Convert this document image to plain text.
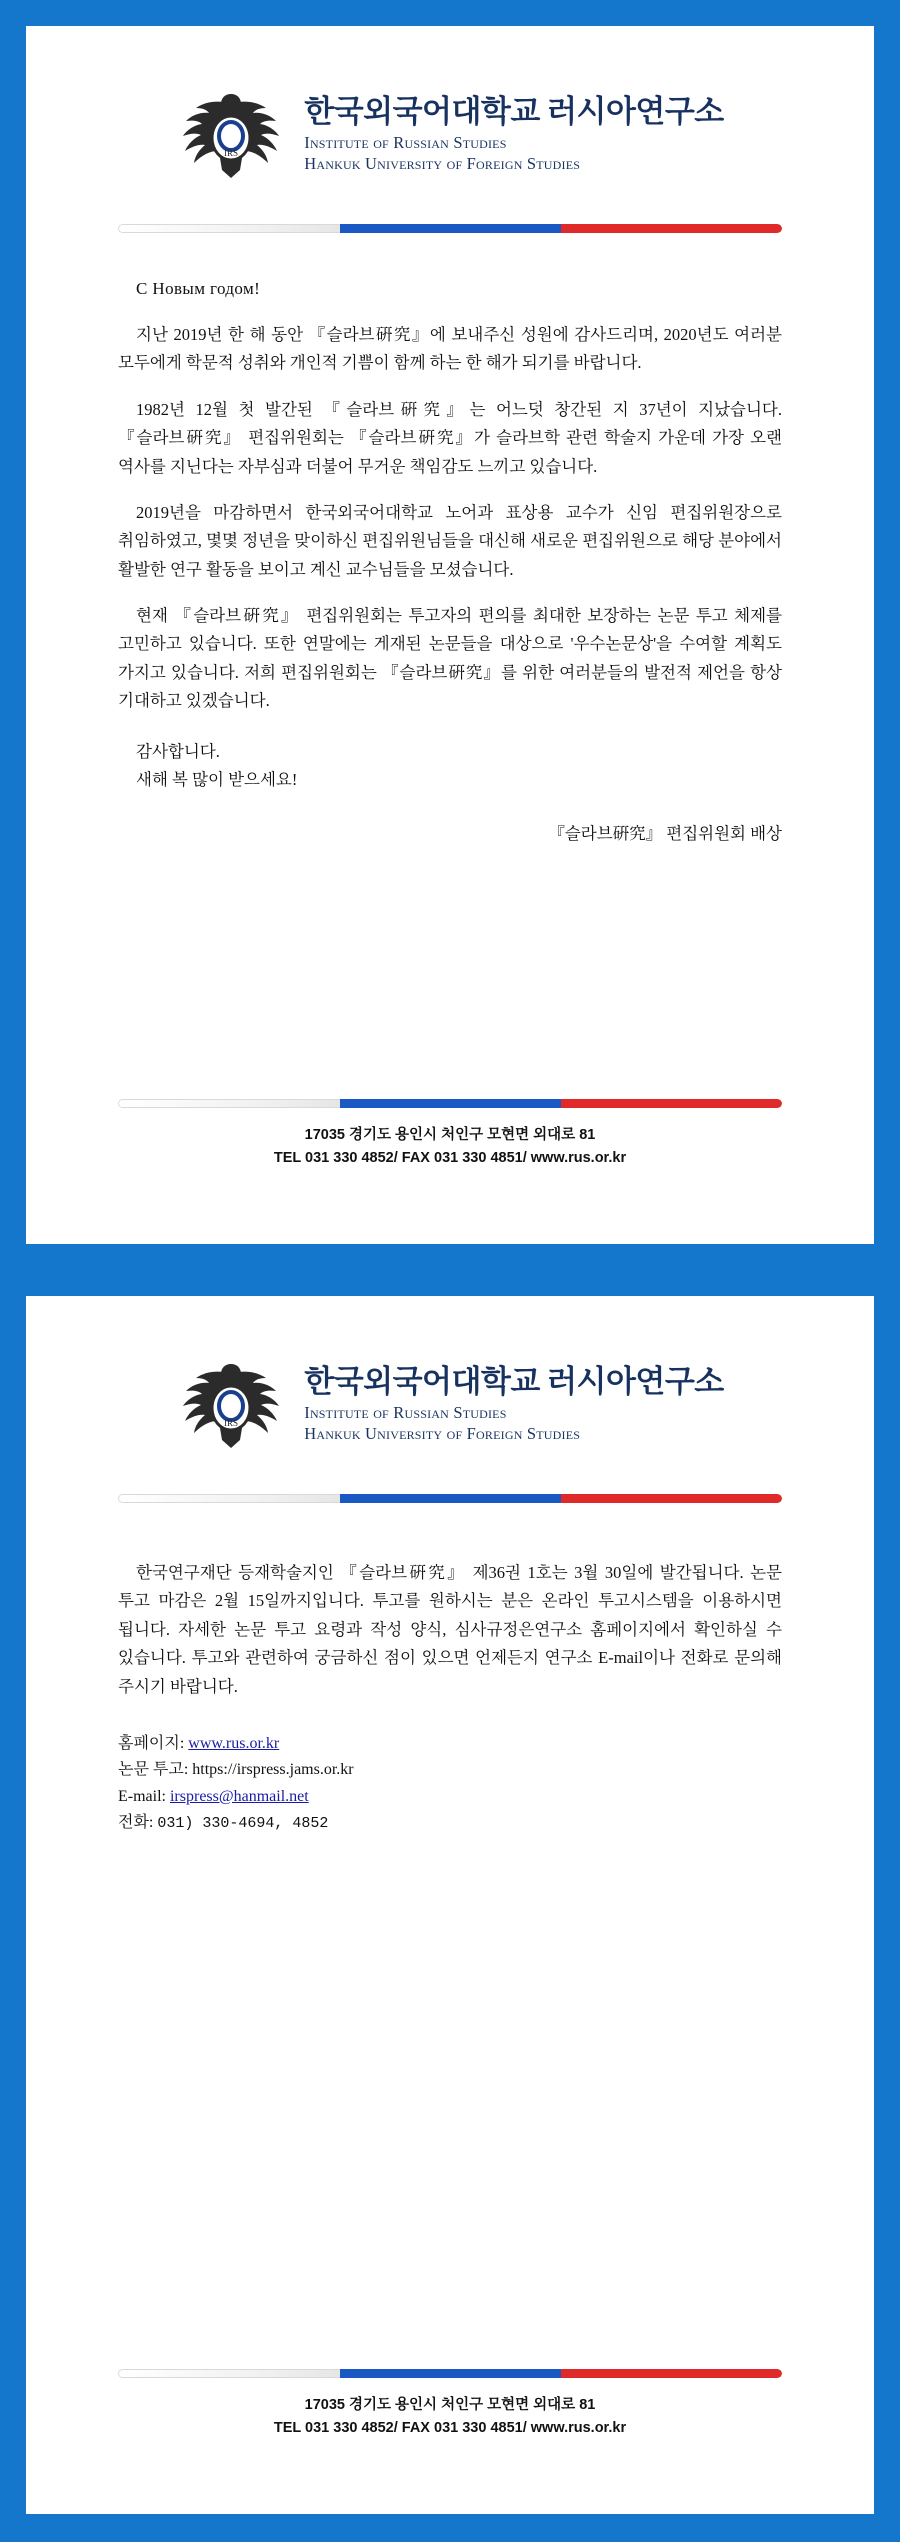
IRS
한국외국어대학교 러시아연구소
Institute of Russian Studies
Hankuk University of Foreign Studies
С Новым годом!

지난 2019년 한 해 동안 『슬라브硏究』에 보내주신 성원에 감사드리며, 2020년도 여러분 모두에게 학문적 성취와 개인적 기쁨이 함께 하는 한 해가 되기를 바랍니다.

1982년 12월 첫 발간된 『슬라브硏究』는 어느덧 창간된 지 37년이 지났습니다. 『슬라브硏究』 편집위원회는 『슬라브硏究』가 슬라브학 관련 학술지 가운데 가장 오랜 역사를 지닌다는 자부심과 더불어 무거운 책임감도 느끼고 있습니다.

2019년을 마감하면서 한국외국어대학교 노어과 표상용 교수가 신임 편집위원장으로 취임하였고, 몇몇 정년을 맞이하신 편집위원님들을 대신해 새로운 편집위원으로 해당 분야에서 활발한 연구 활동을 보이고 계신 교수님들을 모셨습니다.

현재 『슬라브硏究』 편집위원회는 투고자의 편의를 최대한 보장하는 논문 투고 체제를 고민하고 있습니다. 또한 연말에는 게재된 논문들을 대상으로 '우수논문상'을 수여할 계획도 가지고 있습니다. 저희 편집위원회는 『슬라브硏究』를 위한 여러분들의 발전적 제언을 항상 기대하고 있겠습니다.

감사합니다.

새해 복 많이 받으세요!

『슬라브硏究』 편집위원회 배상
17035 경기도 용인시 처인구 모현면 외대로 81
TEL 031 330 4852/ FAX 031 330 4851/ www.rus.or.kr
IRS
한국외국어대학교 러시아연구소
Institute of Russian Studies
Hankuk University of Foreign Studies

한국연구재단 등재학술지인 『슬라브硏究』 제36권 1호는 3월 30일에 발간됩니다. 논문 투고 마감은 2월 15일까지입니다. 투고를 원하시는 분은 온라인 투고시스템을 이용하시면 됩니다. 자세한 논문 투고 요령과 작성 양식, 심사규정은연구소 홈페이지에서 확인하실 수 있습니다. 투고와 관련하여 궁금하신 점이 있으면 언제든지 연구소 E-mail이나 전화로 문의해 주시기 바랍니다.

홈페이지: www.rus.or.kr
논문 투고: https://irspress.jams.or.kr
E-mail: irspress@hanmail.net
전화: 031) 330-4694, 4852
17035 경기도 용인시 처인구 모현면 외대로 81
TEL 031 330 4852/ FAX 031 330 4851/ www.rus.or.kr
